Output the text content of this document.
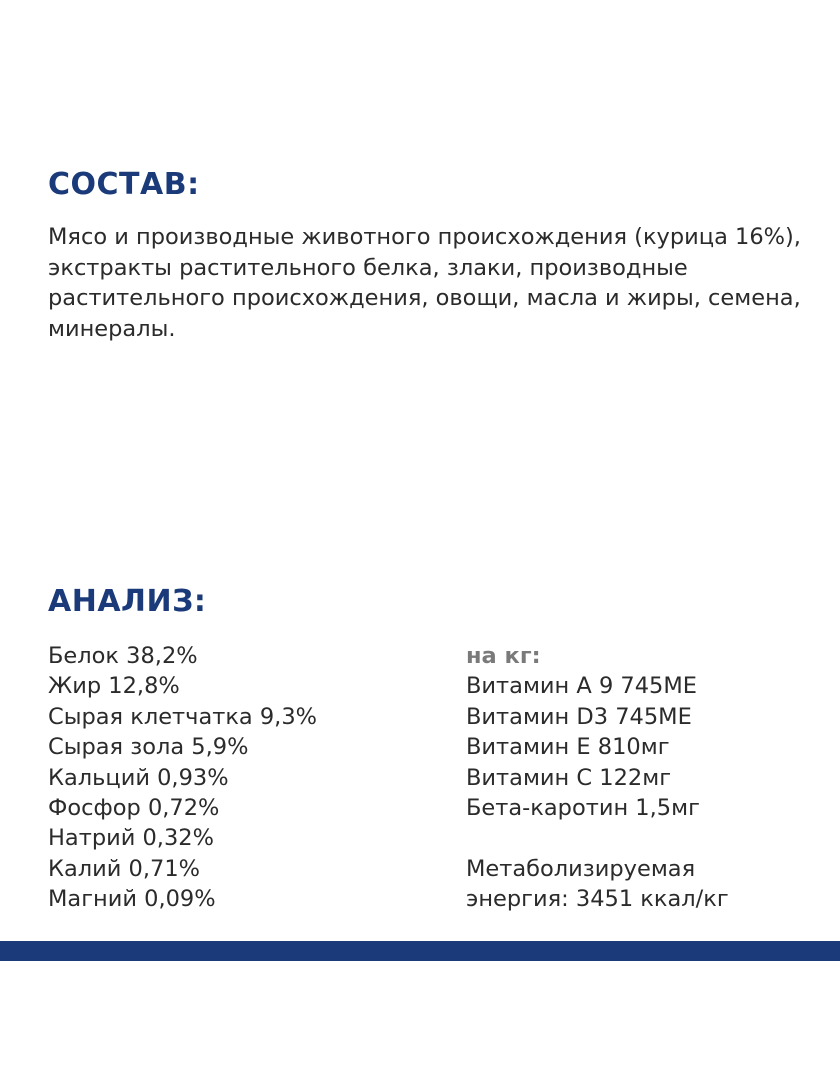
СОСТАВ:

Мясо и производные животного происхождения (курица 16%), экстракты растительного белка, злаки, производные растительного происхождения, овощи, масла и жиры, семена, минералы.

АНАЛИЗ:
Белок 38,2%
Жир 12,8%
Сырая клетчатка 9,3%
Сырая зола 5,9%
Кальций 0,93%
Фосфор 0,72%
Натрий 0,32%
Калий 0,71%
Магний 0,09%
на кг:
Витамин А 9 745МЕ
Витамин D3 745МЕ
Витамин Е 810мг
Витамин С 122мг
Бета-каротин 1,5мг
Метаболизируемая
энергия: 3451 ккал/кг
